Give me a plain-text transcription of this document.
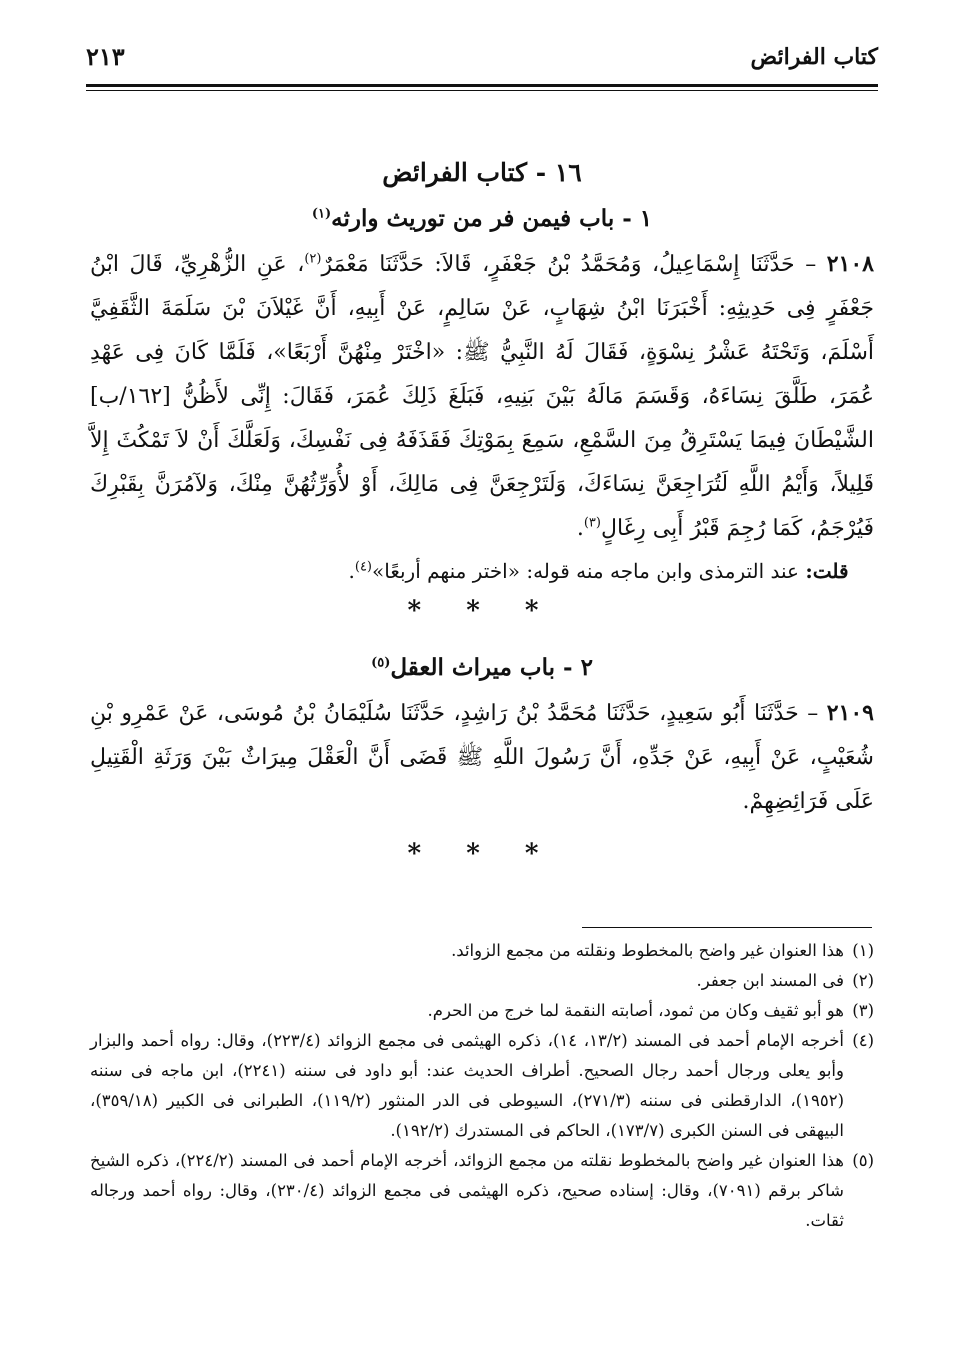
كتاب الفرائض
٢١٣

١٦ - كتاب الفرائض

١ - باب فيمن فر من توريث وارثه$^{(١)}$

٢١٠٨ – حَدَّثَنَا إِسْمَاعِيلُ، وَمُحَمَّدُ بْنُ جَعْفَرٍ، قَالاَ: حَدَّثَنَا مَعْمَرٌ$^{(٢)}$، عَنِ الزُّهْرِيِّ، قَالَ ابْنُ جَعْفَرٍ فِى حَدِيثِهِ: أَخْبَرَنَا ابْنُ شِهَابٍ، عَنْ سَالِمٍ، عَنْ أَبِيهِ، أَنَّ غَيْلاَنَ بْنَ سَلَمَةَ الثَّقَفِيَّ أَسْلَمَ، وَتَحْتَهُ عَشْرُ نِسْوَةٍ، فَقَالَ لَهُ النَّبِيُّ ﷺ: «اخْتَرْ مِنْهُنَّ أَرْبَعًا»، فَلَمَّا كَانَ فِى عَهْدِ عُمَرَ، طَلَّقَ نِسَاءَهُ، وَقَسَمَ مَالَهُ بَيْنَ بَنِيهِ، فَبَلَغَ ذَلِكَ عُمَرَ، فَقَالَ: إِنِّى لأَظُنُّ [١٦٢/ب] الشَّيْطَانَ فِيمَا يَسْتَرِقُ مِنَ السَّمْعِ، سَمِعَ بِمَوْتِكَ فَقَذَفَهُ فِى نَفْسِكَ، وَلَعَلَّكَ أَنْ لاَ تَمْكُثَ إِلاَّ قَلِيلاً، وَأَيْمُ اللَّهِ لَتُرَاجِعَنَّ نِسَاءَكَ، وَلَتَرْجِعَنَّ فِى مَالِكَ، أَوْ لأُوَرِّثُهُنَّ مِنْكَ، وَلآمُرَنَّ بِقَبْرِكَ فَيُرْجَمُ، كَمَا رُجِمَ قَبْرُ أَبِى رِغَالٍ$^{(٣)}$.

قلت: عند الترمذى وابن ماجه منه قوله: «اختر منهم أربعًا»$^{(٤)}$.

* * *

٢ - باب ميراث العقل$^{(٥)}$

٢١٠٩ – حَدَّثَنَا أَبُو سَعِيدٍ، حَدَّثَنَا مُحَمَّدُ بْنُ رَاشِدٍ، حَدَّثَنَا سُلَيْمَانُ بْنُ مُوسَى، عَنْ عَمْرِو بْنِ شُعَيْبٍ، عَنْ أَبِيهِ، عَنْ جَدِّهِ، أَنَّ رَسُولَ اللَّهِ ﷺ قَضَى أَنَّ الْعَقْلَ مِيرَاثٌ بَيْنَ وَرَثَةِ الْقَتِيلِ عَلَى فَرَائِضِهِمْ.

* * *

(١)
هذا العنوان غير واضح بالمخطوط ونقلته من مجمع الزوائد.

(٢)
فى المسند ابن جعفر.

(٣)
هو أبو ثقيف وكان من ثمود، أصابته النقمة لما خرج من الحرم.

(٤)
أخرجه الإمام أحمد فى المسند (١٣/٢، ١٤)، ذكره الهيثمى فى مجمع الزوائد (٢٢٣/٤)، وقال: رواه أحمد والبزار وأبو يعلى ورجال أحمد رجال الصحيح. أطراف الحديث عند: أبو داود فى سننه (٢٢٤١)، ابن ماجه فى سننه (١٩٥٢)، الدارقطنى فى سننه (٢٧١/٣)، السيوطى فى الدر المنثور (١١٩/٢)، الطبرانى فى الكبير (٣٥٩/١٨)، البيهقى فى السنن الكبرى (١٧٣/٧)، الحاكم فى المستدرك (١٩٢/٢).

(٥)
هذا العنوان غير واضح بالمخطوط نقلته من مجمع الزوائد، أخرجه الإمام أحمد فى المسند (٢٢٤/٢)، ذكره الشيخ شاكر برقم (٧٠٩١)، وقال: إسناده صحيح، ذكره الهيثمى فى مجمع الزوائد (٢٣٠/٤)، وقال: رواه أحمد ورجاله ثقات.
